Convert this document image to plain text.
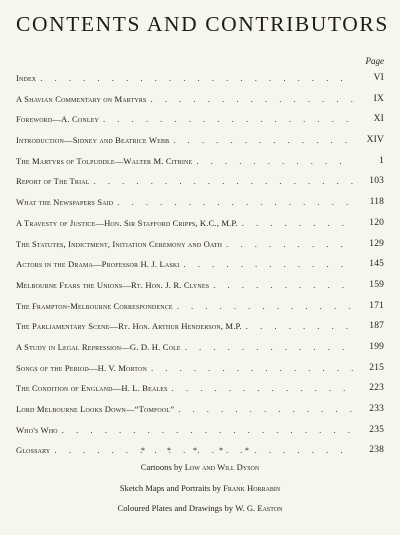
CONTENTS AND CONTRIBUTORS
Page
Index . . .	VI
A Shavian Commentary on Martyrs . . .	IX
Foreword—A. Conley . . .	XI
Introduction—Sidney and Beatrice Webb . . .	XIV
The Martyrs of Tolpuddle—Walter M. Citrine . . .	1
Report of The Trial . . .	103
What the Newspapers Said . . .	118
A Travesty of Justice—Hon. Sir Stafford Cripps, K.C., M.P. . . .	120
The Statutes, Indictment, Initiation Ceremony and Oath . . .	129
Actors in the Drama—Professor H. J. Laski . . .	145
Melbourne Fears the Unions—Rt. Hon. J. R. Clynes . . .	159
The Frampton-Melbourne Correspondence . . .	171
The Parliamentary Scene—Rt. Hon. Arthur Henderson, M.P. . . .	187
A Study in Legal Repression—G. D. H. Cole . . .	199
Songs of the Period—H. V. Morton . . .	215
The Condition of England—H. L. Beales . . .	223
Lord Melbourne Looks Down—“Tomfool” . . .	233
Who's Who . . .	235
Glossary . . .	238
* * * * *
Cartoons by Low and Will Dyson
Sketch Maps and Portraits by Frank Horrabin
Coloured Plates and Drawings by W. G. Easton
